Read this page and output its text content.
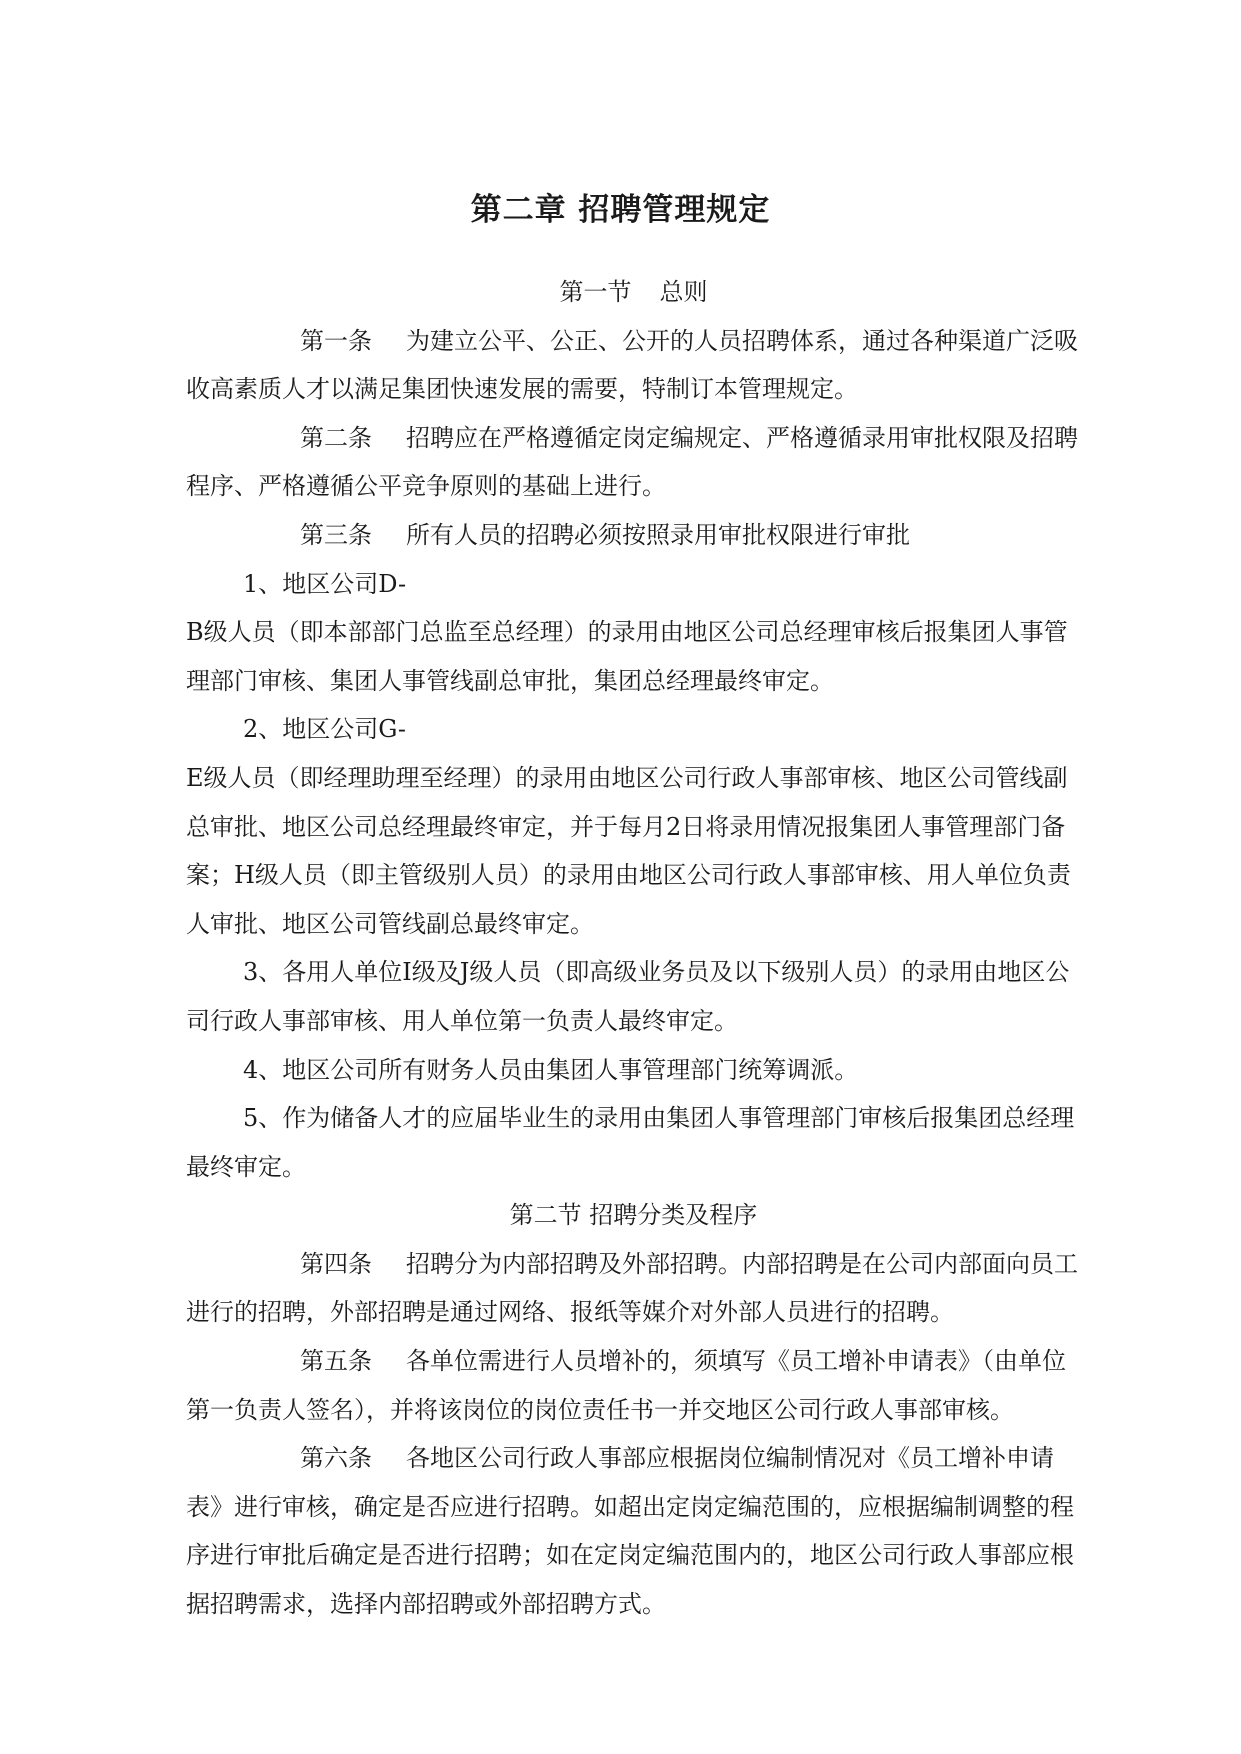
第二章 招聘管理规定

第一节 总则

第一条 为建立公平、公正、公开的人员招聘体系，通过各种渠道广泛吸收高素质人才以满足集团快速发展的需要，特制订本管理规定。

第二条 招聘应在严格遵循定岗定编规定、严格遵循录用审批权限及招聘程序、严格遵循公平竞争原则的基础上进行。

第三条 所有人员的招聘必须按照录用审批权限进行审批

1、地区公司D-

B级人员（即本部部门总监至总经理）的录用由地区公司总经理审核后报集团人事管理部门审核、集团人事管线副总审批，集团总经理最终审定。

2、地区公司G-

E级人员（即经理助理至经理）的录用由地区公司行政人事部审核、地区公司管线副总审批、地区公司总经理最终审定，并于每月2日将录用情况报集团人事管理部门备案；H级人员（即主管级别人员）的录用由地区公司行政人事部审核、用人单位负责人审批、地区公司管线副总最终审定。

3、各用人单位I级及J级人员（即高级业务员及以下级别人员）的录用由地区公司行政人事部审核、用人单位第一负责人最终审定。

4、地区公司所有财务人员由集团人事管理部门统筹调派。

5、作为储备人才的应届毕业生的录用由集团人事管理部门审核后报集团总经理最终审定。

第二节 招聘分类及程序

第四条 招聘分为内部招聘及外部招聘。内部招聘是在公司内部面向员工进行的招聘，外部招聘是通过网络、报纸等媒介对外部人员进行的招聘。

第五条 各单位需进行人员增补的，须填写《员工增补申请表》（由单位第一负责人签名），并将该岗位的岗位责任书一并交地区公司行政人事部审核。

第六条 各地区公司行政人事部应根据岗位编制情况对《员工增补申请表》进行审核，确定是否应进行招聘。如超出定岗定编范围的，应根据编制调整的程序进行审批后确定是否进行招聘；如在定岗定编范围内的，地区公司行政人事部应根据招聘需求，选择内部招聘或外部招聘方式。
